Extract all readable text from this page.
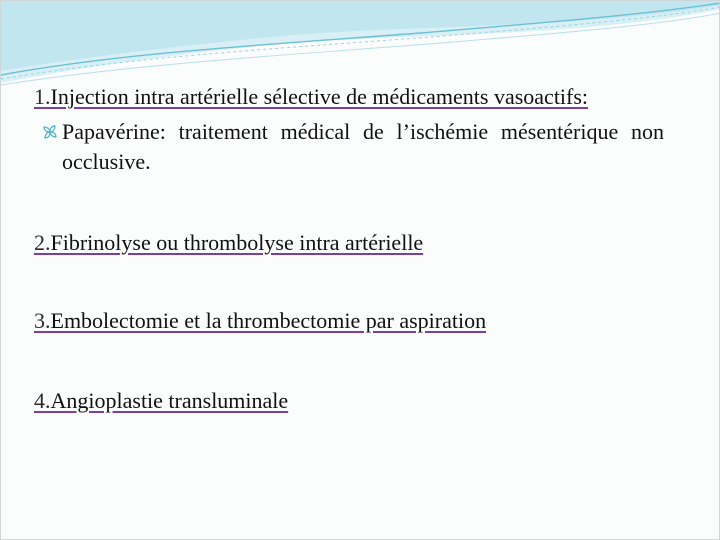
1.Injection intra artérielle sélective de médicaments vasoactifs:

Papavérine: traitement médical de l’ischémie mésentérique non occlusive.

2.Fibrinolyse ou thrombolyse intra artérielle

3.Embolectomie et la thrombectomie par aspiration

4.Angioplastie transluminale
